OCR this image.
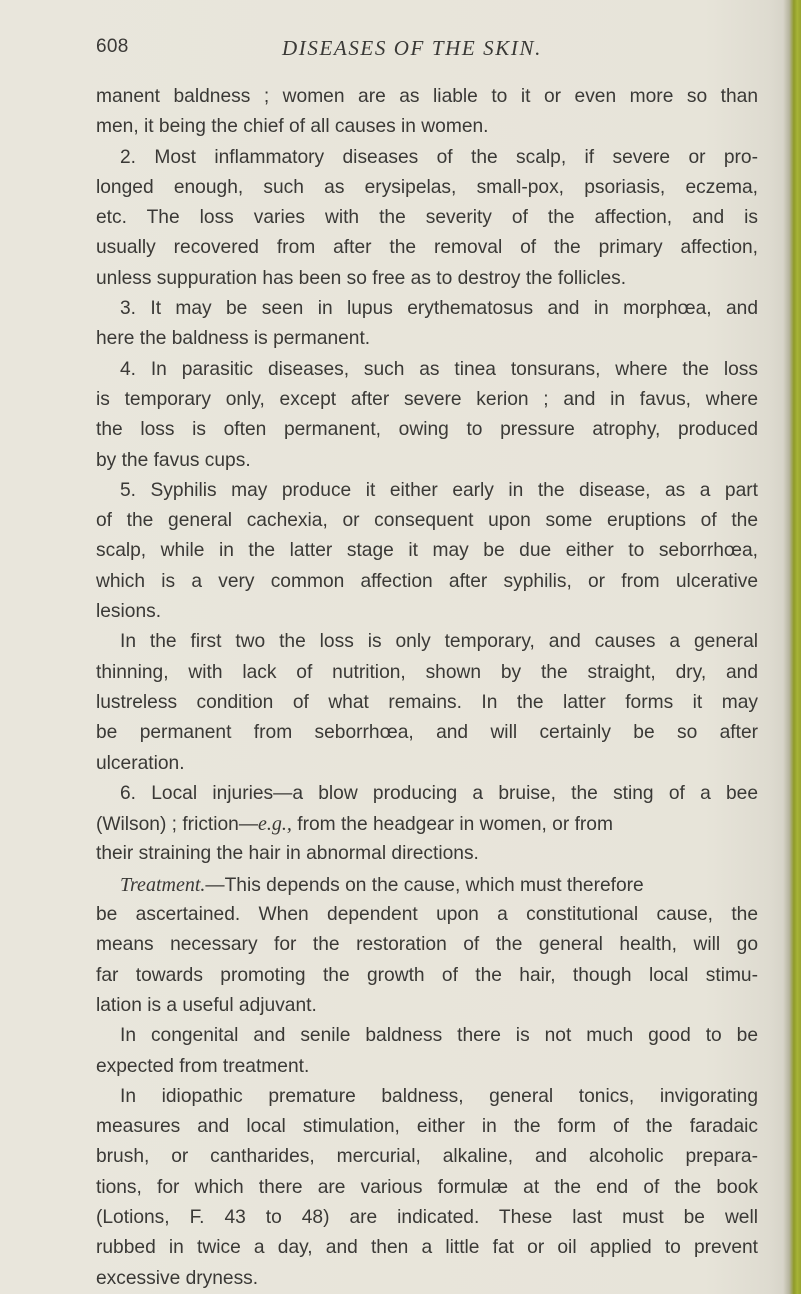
608	DISEASES OF THE SKIN.
manent baldness ; women are as liable to it or even more so than
men, it being the chief of all causes in women.
2. Most inflammatory diseases of the scalp, if severe or pro-
longed enough, such as erysipelas, small-pox, psoriasis, eczema,
etc. The loss varies with the severity of the affection, and is
usually recovered from after the removal of the primary affection,
unless suppuration has been so free as to destroy the follicles.
3. It may be seen in lupus erythematosus and in morphœa, and
here the baldness is permanent.
4. In parasitic diseases, such as tinea tonsurans, where the loss
is temporary only, except after severe kerion ; and in favus, where
the loss is often permanent, owing to pressure atrophy, produced
by the favus cups.
5. Syphilis may produce it either early in the disease, as a part
of the general cachexia, or consequent upon some eruptions of the
scalp, while in the latter stage it may be due either to seborrhœa,
which is a very common affection after syphilis, or from ulcerative
lesions.
In the first two the loss is only temporary, and causes a general
thinning, with lack of nutrition, shown by the straight, dry, and
lustreless condition of what remains. In the latter forms it may
be permanent from seborrhœa, and will certainly be so after
ulceration.
6. Local injuries—a blow producing a bruise, the sting of a bee
(Wilson) ; friction—e.g., from the headgear in women, or from
their straining the hair in abnormal directions.
Treatment.—This depends on the cause, which must therefore
be ascertained. When dependent upon a constitutional cause, the
means necessary for the restoration of the general health, will go
far towards promoting the growth of the hair, though local stimu-
lation is a useful adjuvant.
In congenital and senile baldness there is not much good to be
expected from treatment.
In idiopathic premature baldness, general tonics, invigorating
measures and local stimulation, either in the form of the faradaic
brush, or cantharides, mercurial, alkaline, and alcoholic prepara-
tions, for which there are various formulæ at the end of the book
(Lotions, F. 43 to 48) are indicated. These last must be well
rubbed in twice a day, and then a little fat or oil applied to prevent
excessive dryness.
